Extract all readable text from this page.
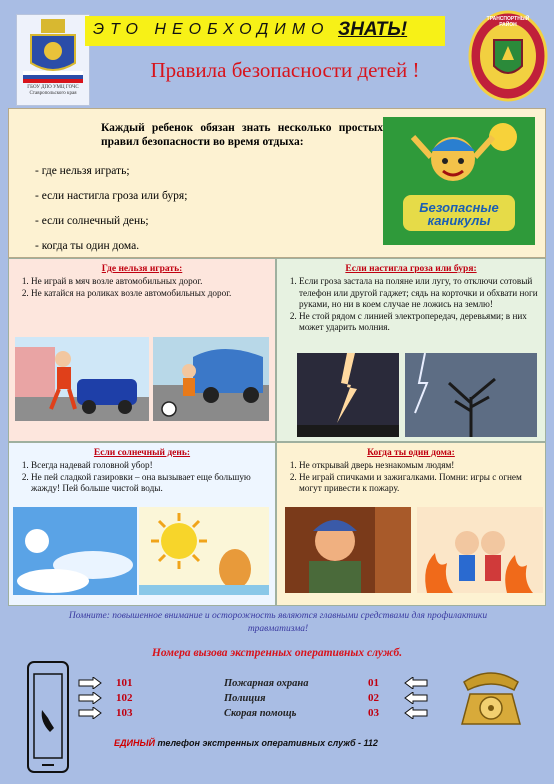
ГБОУ ДПО УМЦ ГОЧС Ставропольского края
ЭТО НЕОБХОДИМО ЗНАТЬ!
Правила безопасности детей !
ТРАНСПОРТНЫЙ РАЙОН
Каждый ребенок обязан знать несколько простых правил безопасности во время отдыха:
- где нельзя играть;
- если настигла гроза или буря;
- если солнечный день;
- когда ты один дома.
Безопасные каникулы
Где нельзя играть:
1. Не играй в мяч возле автомобильных дорог.
2. Не катайся на роликах возле автомобильных дорог.
Если настигла гроза или буря:
1. Если гроза застала на поляне или лугу, то отключи сотовый телефон или другой гаджет; сядь на корточки и обхвати ноги руками, но ни в коем случае не ложись на землю!
2. Не стой рядом с линией электропередач, деревьями; в них может ударить молния.
Если солнечный день:
1. Всегда надевай головной убор!
2. Не пей сладкой газировки – она вызывает еще большую жажду! Пей больше чистой воды.
Когда ты один дома:
1. Не открывай дверь незнакомым людям!
2. Не играй спичками и зажигалками. Помни: игры с огнем могут привести к пожару.
Помните: повышенное внимание и осторожность являются главными средствами для профилактики травматизма!
Номера вызова экстренных оперативных служб.
101
102
103
Пожарная охрана
Полиция
Скорая помощь
01
02
03
ЕДИНЫЙ телефон экстренных оперативных служб - 112
